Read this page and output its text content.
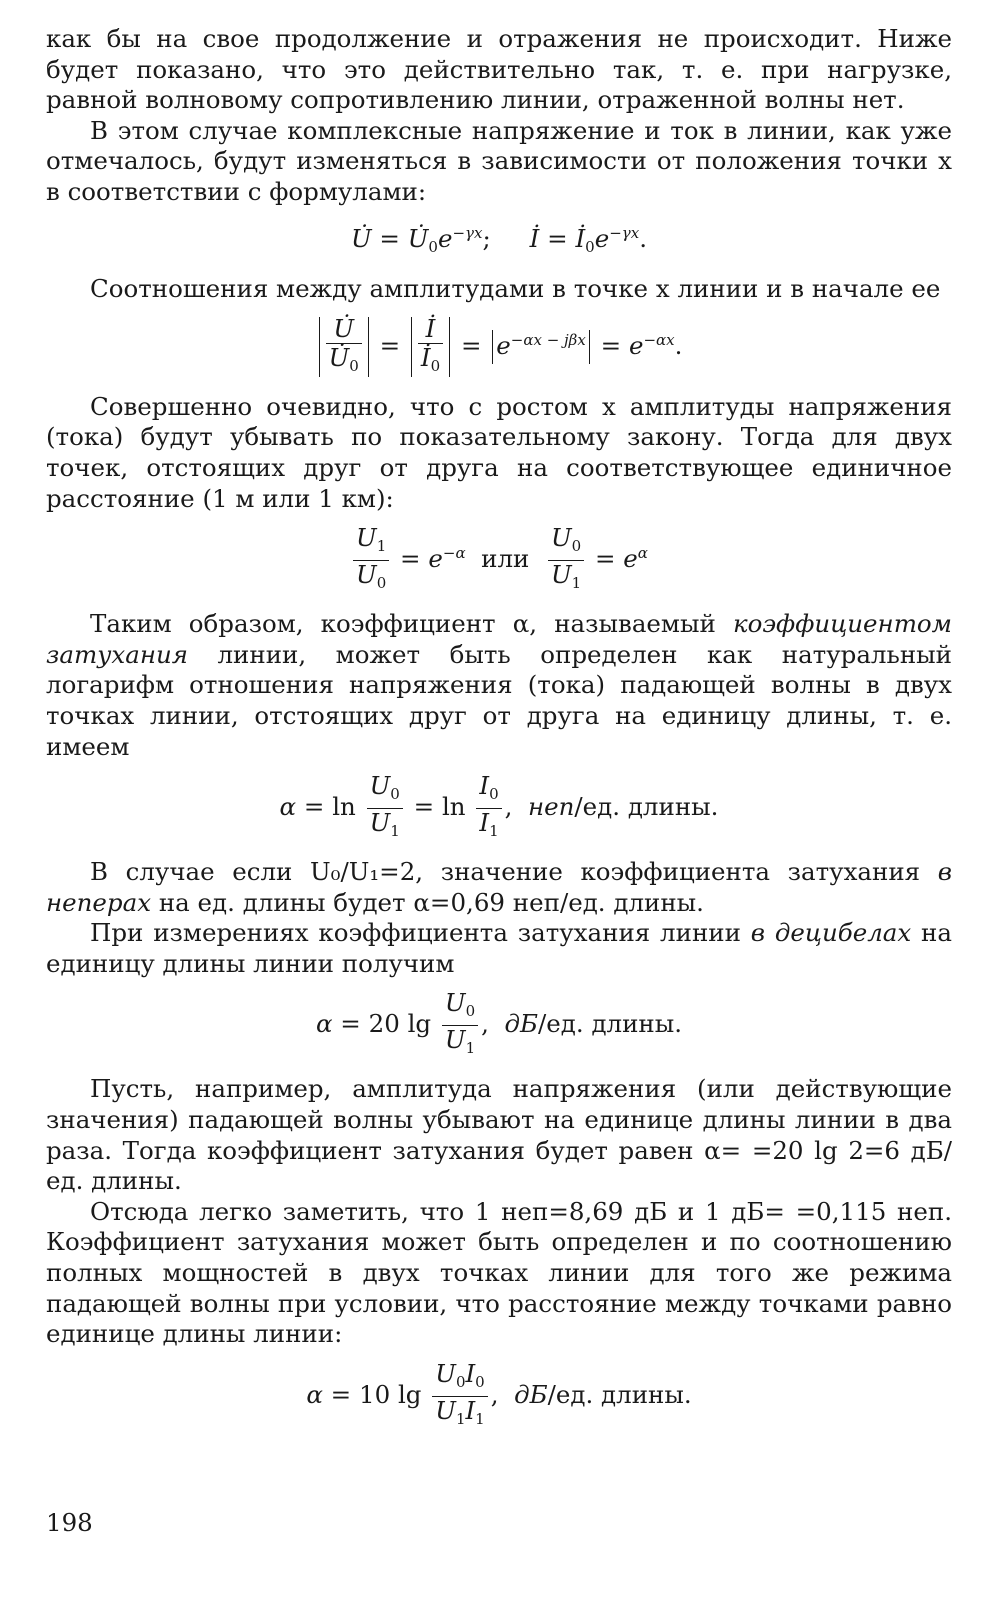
как бы на свое продолжение и отражения не происходит. Ниже будет показано, что это действительно так, т. е. при нагрузке, равной волновому сопротивлению линии, отраженной волны нет.

В этом случае комплексные напряжение и ток в линии, как уже отмечалось, будут изменяться в зависимости от положения точки x в соответствии с формулами:

U̇ = $U̇_0e^{-\gamma x}$; İ = $İ_0e^{-\gamma x}$.

Соотношения между амплитудами в точке x линии и в начале ее

$\frac{U̇}{U̇_0} = \frac{İ}{İ_0} = e^{-\alpha x - j\beta x} = e^{-\alpha x}$.

Совершенно очевидно, что с ростом x амплитуды напряжения (тока) будут убывать по показательному закону. Тогда для двух точек, отстоящих друг от друга на соответствующее единичное расстояние (1 м или 1 км):

$\frac{U_1}{U_0} = e^{-\alpha}$ или $\frac{U_0}{U_1} = e^\alpha$

Таким образом, коэффициент α, называемый коэффициентом затухания линии, может быть определен как натуральный логарифм отношения напряжения (тока) падающей волны в двух точках линии, отстоящих друг от друга на единицу длины, т. е. имеем

$\alpha = \ln \frac{U_0}{U_1} = \ln \frac{I_0}{I_1}$ , неп/ед. длины.

В случае если U₀/U₁=2, значение коэффициента затухания в неперах на ед. длины будет α=0,69 неп/ед. длины.

При измерениях коэффициента затухания линии в децибелах на единицу длины линии получим

α = 20 $\lg \frac{U_0}{U_1}$ , дБ/ед. длины.

Пусть, например, амплитуда напряжения (или действующие значения) падающей волны убывают на единице длины линии в два раза. Тогда коэффициент затухания будет равен α= =20 lg 2=6 дБ/ед. длины.

Отсюда легко заметить, что 1 неп=8,69 дБ и 1 дБ= =0,115 неп. Коэффициент затухания может быть определен и по соотношению полных мощностей в двух точках линии для того же режима падающей волны при условии, что расстояние между точками равно единице длины линии:

α = 10 $\lg \frac{U_0I_0}{U_1I_1}$ , дБ/ед. длины.
198
